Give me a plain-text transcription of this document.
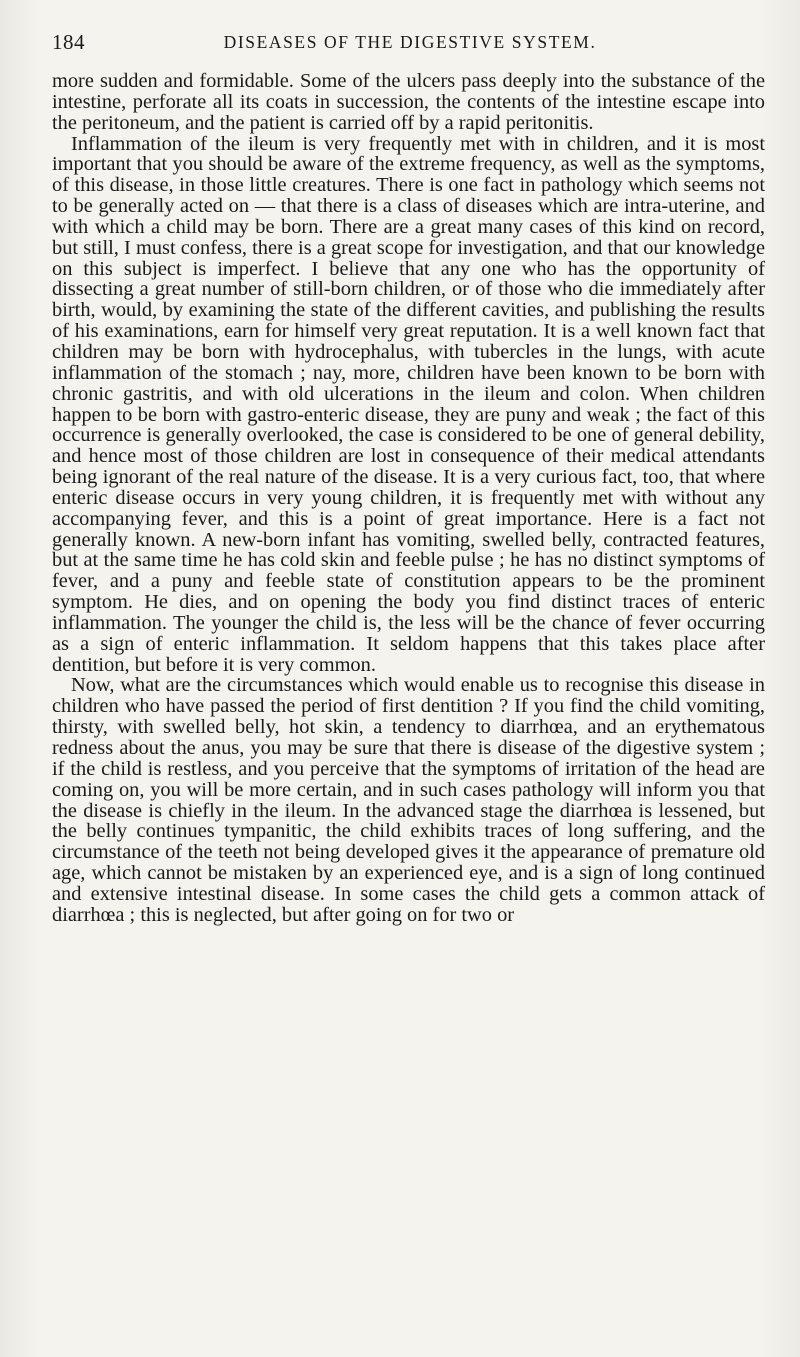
184	DISEASES OF THE DIGESTIVE SYSTEM.

more sudden and formidable. Some of the ulcers pass deeply into the substance of the intestine, perforate all its coats in succession, the contents of the intestine escape into the peritoneum, and the patient is carried off by a rapid peritonitis.

Inflammation of the ileum is very frequently met with in children, and it is most important that you should be aware of the extreme frequency, as well as the symptoms, of this disease, in those little creatures. There is one fact in pathology which seems not to be generally acted on — that there is a class of diseases which are intra-uterine, and with which a child may be born. There are a great many cases of this kind on record, but still, I must confess, there is a great scope for investigation, and that our knowledge on this subject is imperfect. I believe that any one who has the opportunity of dissecting a great number of still-born children, or of those who die immediately after birth, would, by examining the state of the different cavities, and publishing the results of his examinations, earn for himself very great reputation. It is a well known fact that children may be born with hydrocephalus, with tubercles in the lungs, with acute inflammation of the stomach ; nay, more, children have been known to be born with chronic gastritis, and with old ulcerations in the ileum and colon. When children happen to be born with gastro-enteric disease, they are puny and weak ; the fact of this occurrence is generally overlooked, the case is considered to be one of general debility, and hence most of those children are lost in consequence of their medical attendants being ignorant of the real nature of the disease. It is a very curious fact, too, that where enteric disease occurs in very young children, it is frequently met with without any accompanying fever, and this is a point of great importance. Here is a fact not generally known. A new-born infant has vomiting, swelled belly, contracted features, but at the same time he has cold skin and feeble pulse ; he has no distinct symptoms of fever, and a puny and feeble state of constitution appears to be the prominent symptom. He dies, and on opening the body you find distinct traces of enteric inflammation. The younger the child is, the less will be the chance of fever occurring as a sign of enteric inflammation. It seldom happens that this takes place after dentition, but before it is very common.

Now, what are the circumstances which would enable us to recognise this disease in children who have passed the period of first dentition ? If you find the child vomiting, thirsty, with swelled belly, hot skin, a tendency to diarrhœa, and an erythematous redness about the anus, you may be sure that there is disease of the digestive system ; if the child is restless, and you perceive that the symptoms of irritation of the head are coming on, you will be more certain, and in such cases pathology will inform you that the disease is chiefly in the ileum. In the advanced stage the diarrhœa is lessened, but the belly continues tympanitic, the child exhibits traces of long suffering, and the circumstance of the teeth not being developed gives it the appearance of premature old age, which cannot be mistaken by an experienced eye, and is a sign of long continued and extensive intestinal disease. In some cases the child gets a common attack of diarrhœa ; this is neglected, but after going on for two or
